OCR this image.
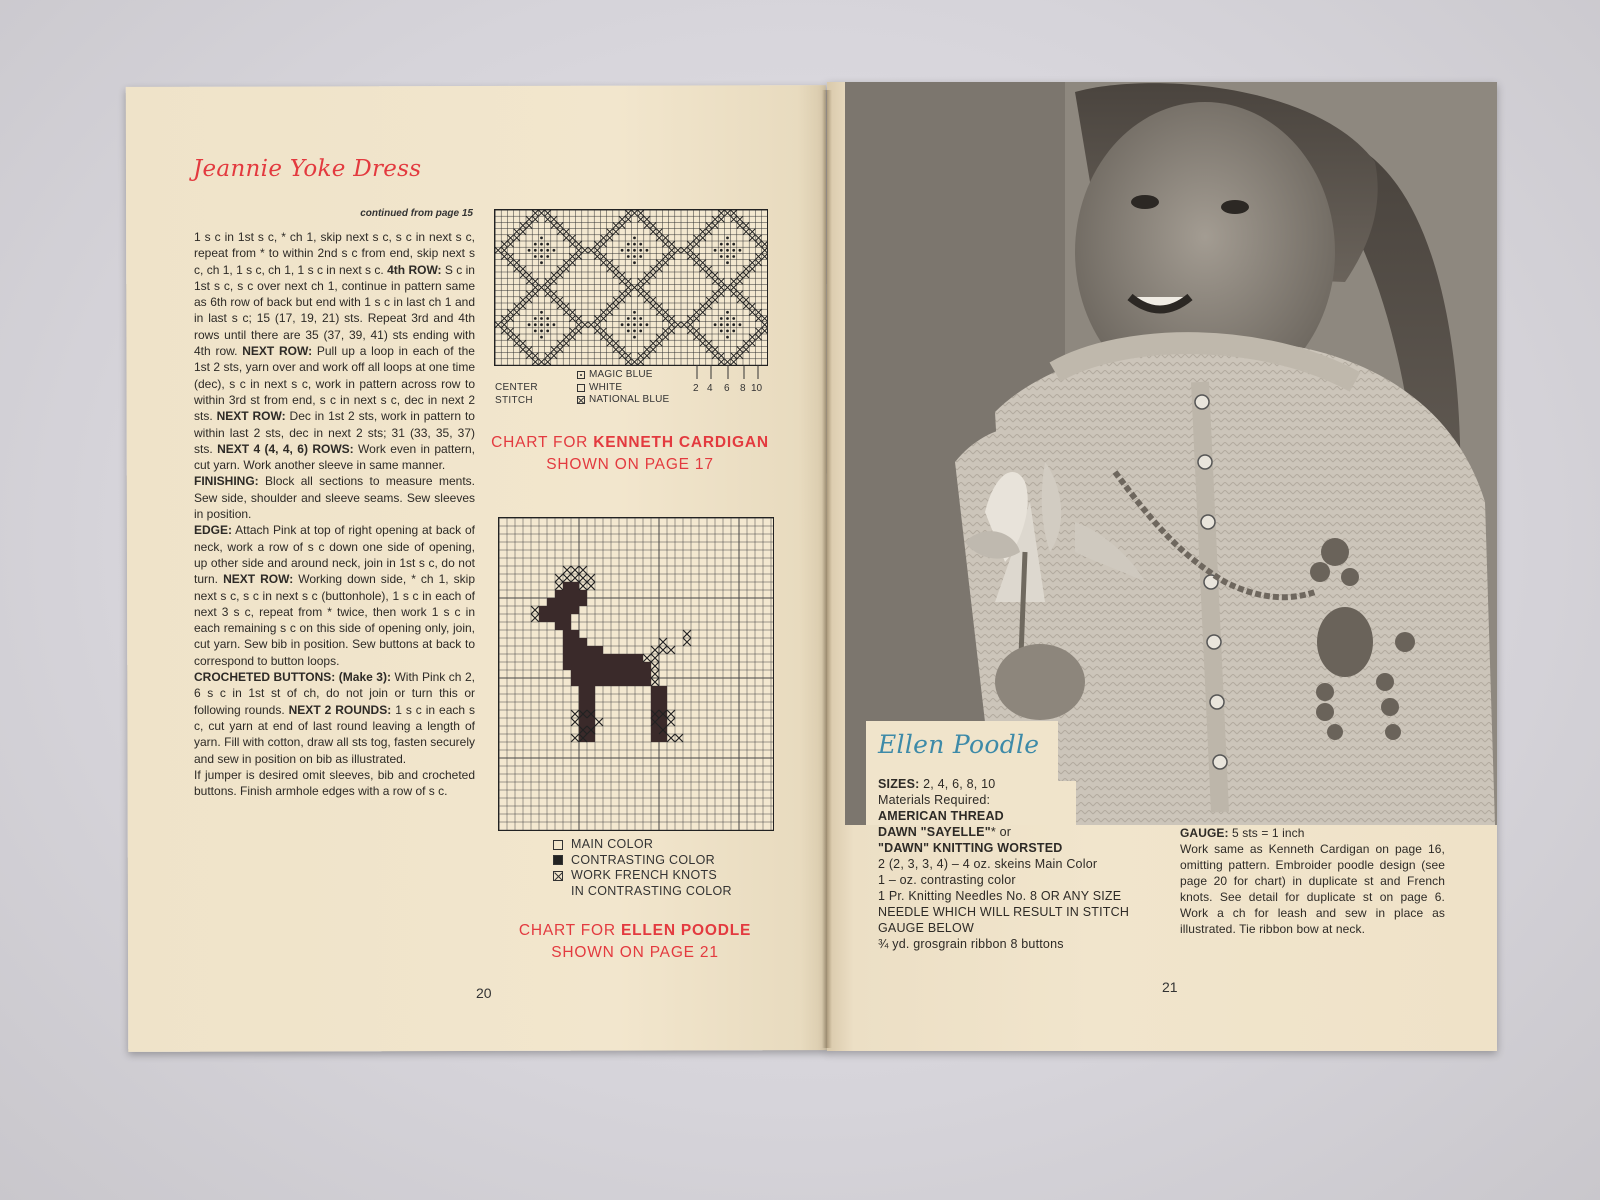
Jeannie Yoke Dress
continued from page 15

1 s c in 1st s c, * ch 1, skip next s c, s c in next s c, repeat from * to within 2nd s c from end, skip next s c, ch 1, 1 s c, ch 1, 1 s c in next s c. 4th ROW: S c in 1st s c, s c over next ch 1, continue in pattern same as 6th row of back but end with 1 s c in last ch 1 and in last s c; 15 (17, 19, 21) sts. Repeat 3rd and 4th rows until there are 35 (37, 39, 41) sts ending with 4th row. NEXT ROW: Pull up a loop in each of the 1st 2 sts, yarn over and work off all loops at one time (dec), s c in next s c, work in pattern across row to within 3rd st from end, s c in next s c, dec in next 2 sts. NEXT ROW: Dec in 1st 2 sts, work in pattern to within last 2 sts, dec in next 2 sts; 31 (33, 35, 37) sts. NEXT 4 (4, 4, 6) ROWS: Work even in pattern, cut yarn. Work another sleeve in same manner.

FINISHING: Block all sections to measure ments. Sew side, shoulder and sleeve seams. Sew sleeves in position.

EDGE: Attach Pink at top of right opening at back of neck, work a row of s c down one side of opening, up other side and around neck, join in 1st s c, do not turn. NEXT ROW: Working down side, * ch 1, skip next s c, s c in next s c (buttonhole), 1 s c in each of next 3 s c, repeat from * twice, then work 1 s c in each remaining s c on this side of opening only, join, cut yarn. Sew bib in position. Sew buttons at back to correspond to button loops.

CROCHETED BUTTONS: (Make 3): With Pink ch 2, 6 s c in 1st st of ch, do not join or turn this or following rounds. NEXT 2 ROUNDS: 1 s c in each s c, cut yarn at end of last round leaving a length of yarn. Fill with cotton, draw all sts tog, fasten securely and sew in position on bib as illustrated.

If jumper is desired omit sleeves, bib and crocheted buttons. Finish armhole edges with a row of s c.

CENTER
STITCH
MAGIC BLUE
WHITE
NATIONAL BLUE
2 4 6 8 10
CHART FOR KENNETH CARDIGAN
SHOWN ON PAGE 17
MAIN COLOR
CONTRASTING COLOR
WORK FRENCH KNOTS
IN CONTRASTING COLOR
CHART FOR ELLEN POODLE
SHOWN ON PAGE 21
20
Ellen Poodle

SIZES: 2, 4, 6, 8, 10

Materials Required:

AMERICAN THREAD

DAWN "SAYELLE"* or

"DAWN" KNITTING WORSTED

2 (2, 3, 3, 4) – 4 oz. skeins Main Color

1 – oz. contrasting color

1 Pr. Knitting Needles No. 8 OR ANY SIZE

NEEDLE WHICH WILL RESULT IN STITCH

GAUGE BELOW

¾ yd. grosgrain ribbon 8 buttons

GAUGE: 5 sts = 1 inch

Work same as Kenneth Cardigan on page 16, omitting pattern. Embroider poodle design (see page 20 for chart) in duplicate st and French knots. See detail for duplicate st on page 6. Work a ch for leash and sew in place as illustrated. Tie ribbon bow at neck.

21
